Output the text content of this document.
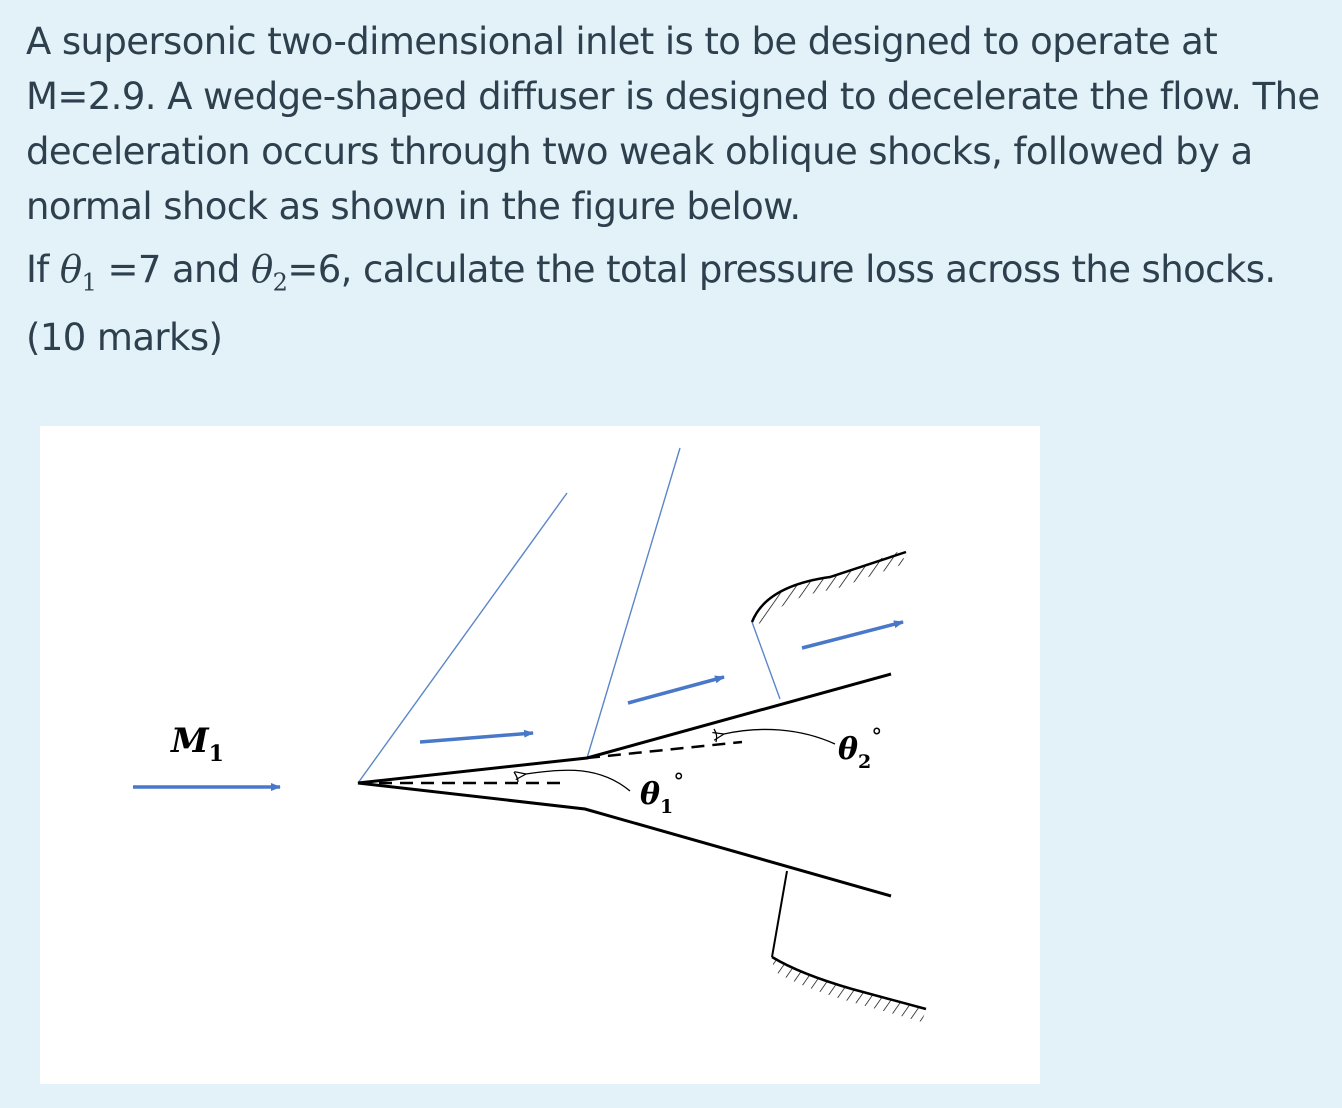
A supersonic two-dimensional inlet is to be designed to operate at M=2.9. A wedge-shaped diffuser is designed to decelerate the flow. The deceleration occurs through two weak oblique shocks, followed by a normal shock as shown in the figure below.

If $\theta_1 =7$ and $\theta_2=6$, calculate the total pressure loss across the shocks. (10 marks)

$M_1$
$\theta_1^\circ$
$\theta_2^\circ$
